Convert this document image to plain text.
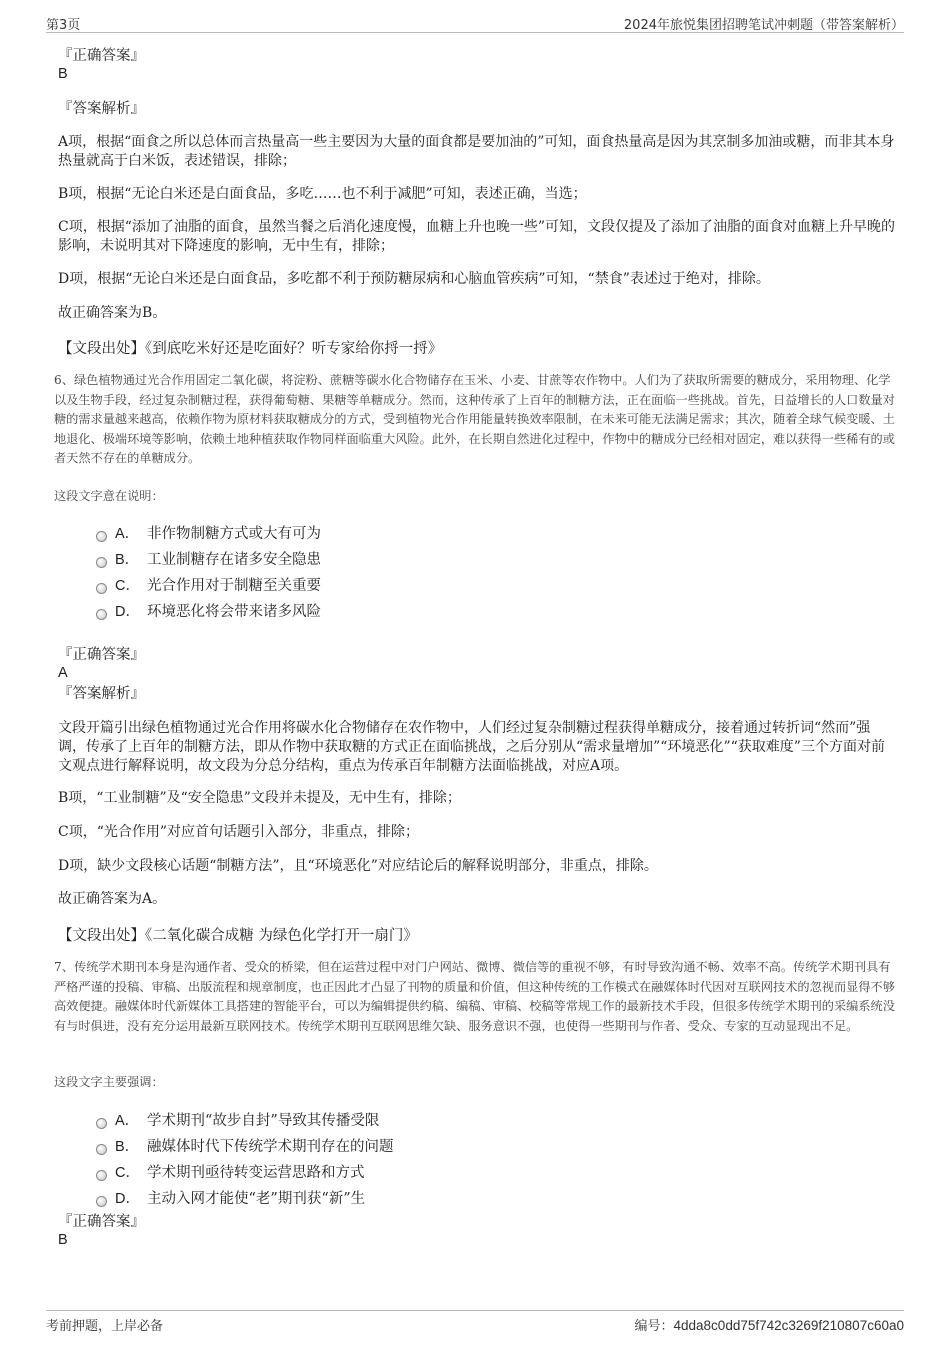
第3页	2024年旅悦集团招聘笔试冲刺题（带答案解析）
『正确答案』
B
『答案解析』
A项，根据“面食之所以总体而言热量高一些主要因为大量的面食都是要加油的”可知，面食热量高是因为其烹制多加油或糖，而非其本身热量就高于白米饭，表述错误，排除；
B项，根据“无论白米还是白面食品，多吃……也不利于减肥”可知，表述正确，当选；
C项，根据“添加了油脂的面食，虽然当餐之后消化速度慢，血糖上升也晚一些”可知，文段仅提及了添加了油脂的面食对血糖上升早晚的影响，未说明其对下降速度的影响，无中生有，排除；
D项，根据“无论白米还是白面食品，多吃都不利于预防糖尿病和心脑血管疾病”可知，“禁食”表述过于绝对，排除。
故正确答案为B。
【文段出处】《到底吃米好还是吃面好？听专家给你捋一捋》
6、绿色植物通过光合作用固定二氧化碳，将淀粉、蔗糖等碳水化合物储存在玉米、小麦、甘蔗等农作物中。人们为了获取所需要的糖成分，采用物理、化学以及生物手段，经过复杂制糖过程，获得葡萄糖、果糖等单糖成分。然而，这种传承了上百年的制糖方法，正在面临一些挑战。首先，日益增长的人口数量对糖的需求量越来越高，依赖作物为原材料获取糖成分的方式，受到植物光合作用能量转换效率限制，在未来可能无法满足需求；其次，随着全球气候变暖、土地退化、极端环境等影响，依赖土地种植获取作物同样面临重大风险。此外，在长期自然进化过程中，作物中的糖成分已经相对固定，难以获得一些稀有的或者天然不存在的单糖成分。
这段文字意在说明：
A． 非作物制糖方式或大有可为
B． 工业制糖存在诸多安全隐患
C． 光合作用对于制糖至关重要
D． 环境恶化将会带来诸多风险
『正确答案』
A
『答案解析』
文段开篇引出绿色植物通过光合作用将碳水化合物储存在农作物中，人们经过复杂制糖过程获得单糖成分，接着通过转折词“然而”强调，传承了上百年的制糖方法，即从作物中获取糖的方式正在面临挑战，之后分别从“需求量增加”“环境恶化”“获取难度”三个方面对前文观点进行解释说明，故文段为分总分结构，重点为传承百年制糖方法面临挑战，对应A项。
B项，“工业制糖”及“安全隐患”文段并未提及，无中生有，排除；
C项，“光合作用”对应首句话题引入部分，非重点，排除；
D项，缺少文段核心话题“制糖方法”，且“环境恶化”对应结论后的解释说明部分，非重点，排除。
故正确答案为A。
【文段出处】《二氧化碳合成糖 为绿色化学打开一扇门》
7、传统学术期刊本身是沟通作者、受众的桥梁，但在运营过程中对门户网站、微博、微信等的重视不够，有时导致沟通不畅、效率不高。传统学术期刊具有严格严谨的投稿、审稿、出版流程和规章制度，也正因此才凸显了刊物的质量和价值，但这种传统的工作模式在融媒体时代因对互联网技术的忽视而显得不够高效便捷。融媒体时代新媒体工具搭建的智能平台，可以为编辑提供约稿、编稿、审稿、校稿等常规工作的最新技术手段，但很多传统学术期刊的采编系统没有与时俱进，没有充分运用最新互联网技术。传统学术期刊互联网思维欠缺、服务意识不强，也使得一些期刊与作者、受众、专家的互动显现出不足。
这段文字主要强调：
A． 学术期刊“故步自封”导致其传播受限
B． 融媒体时代下传统学术期刊存在的问题
C． 学术期刊亟待转变运营思路和方式
D． 主动入网才能使“老”期刊获“新”生
『正确答案』
B
考前押题，上岸必备	编号：4dda8c0dd75f742c3269f210807c60a0
